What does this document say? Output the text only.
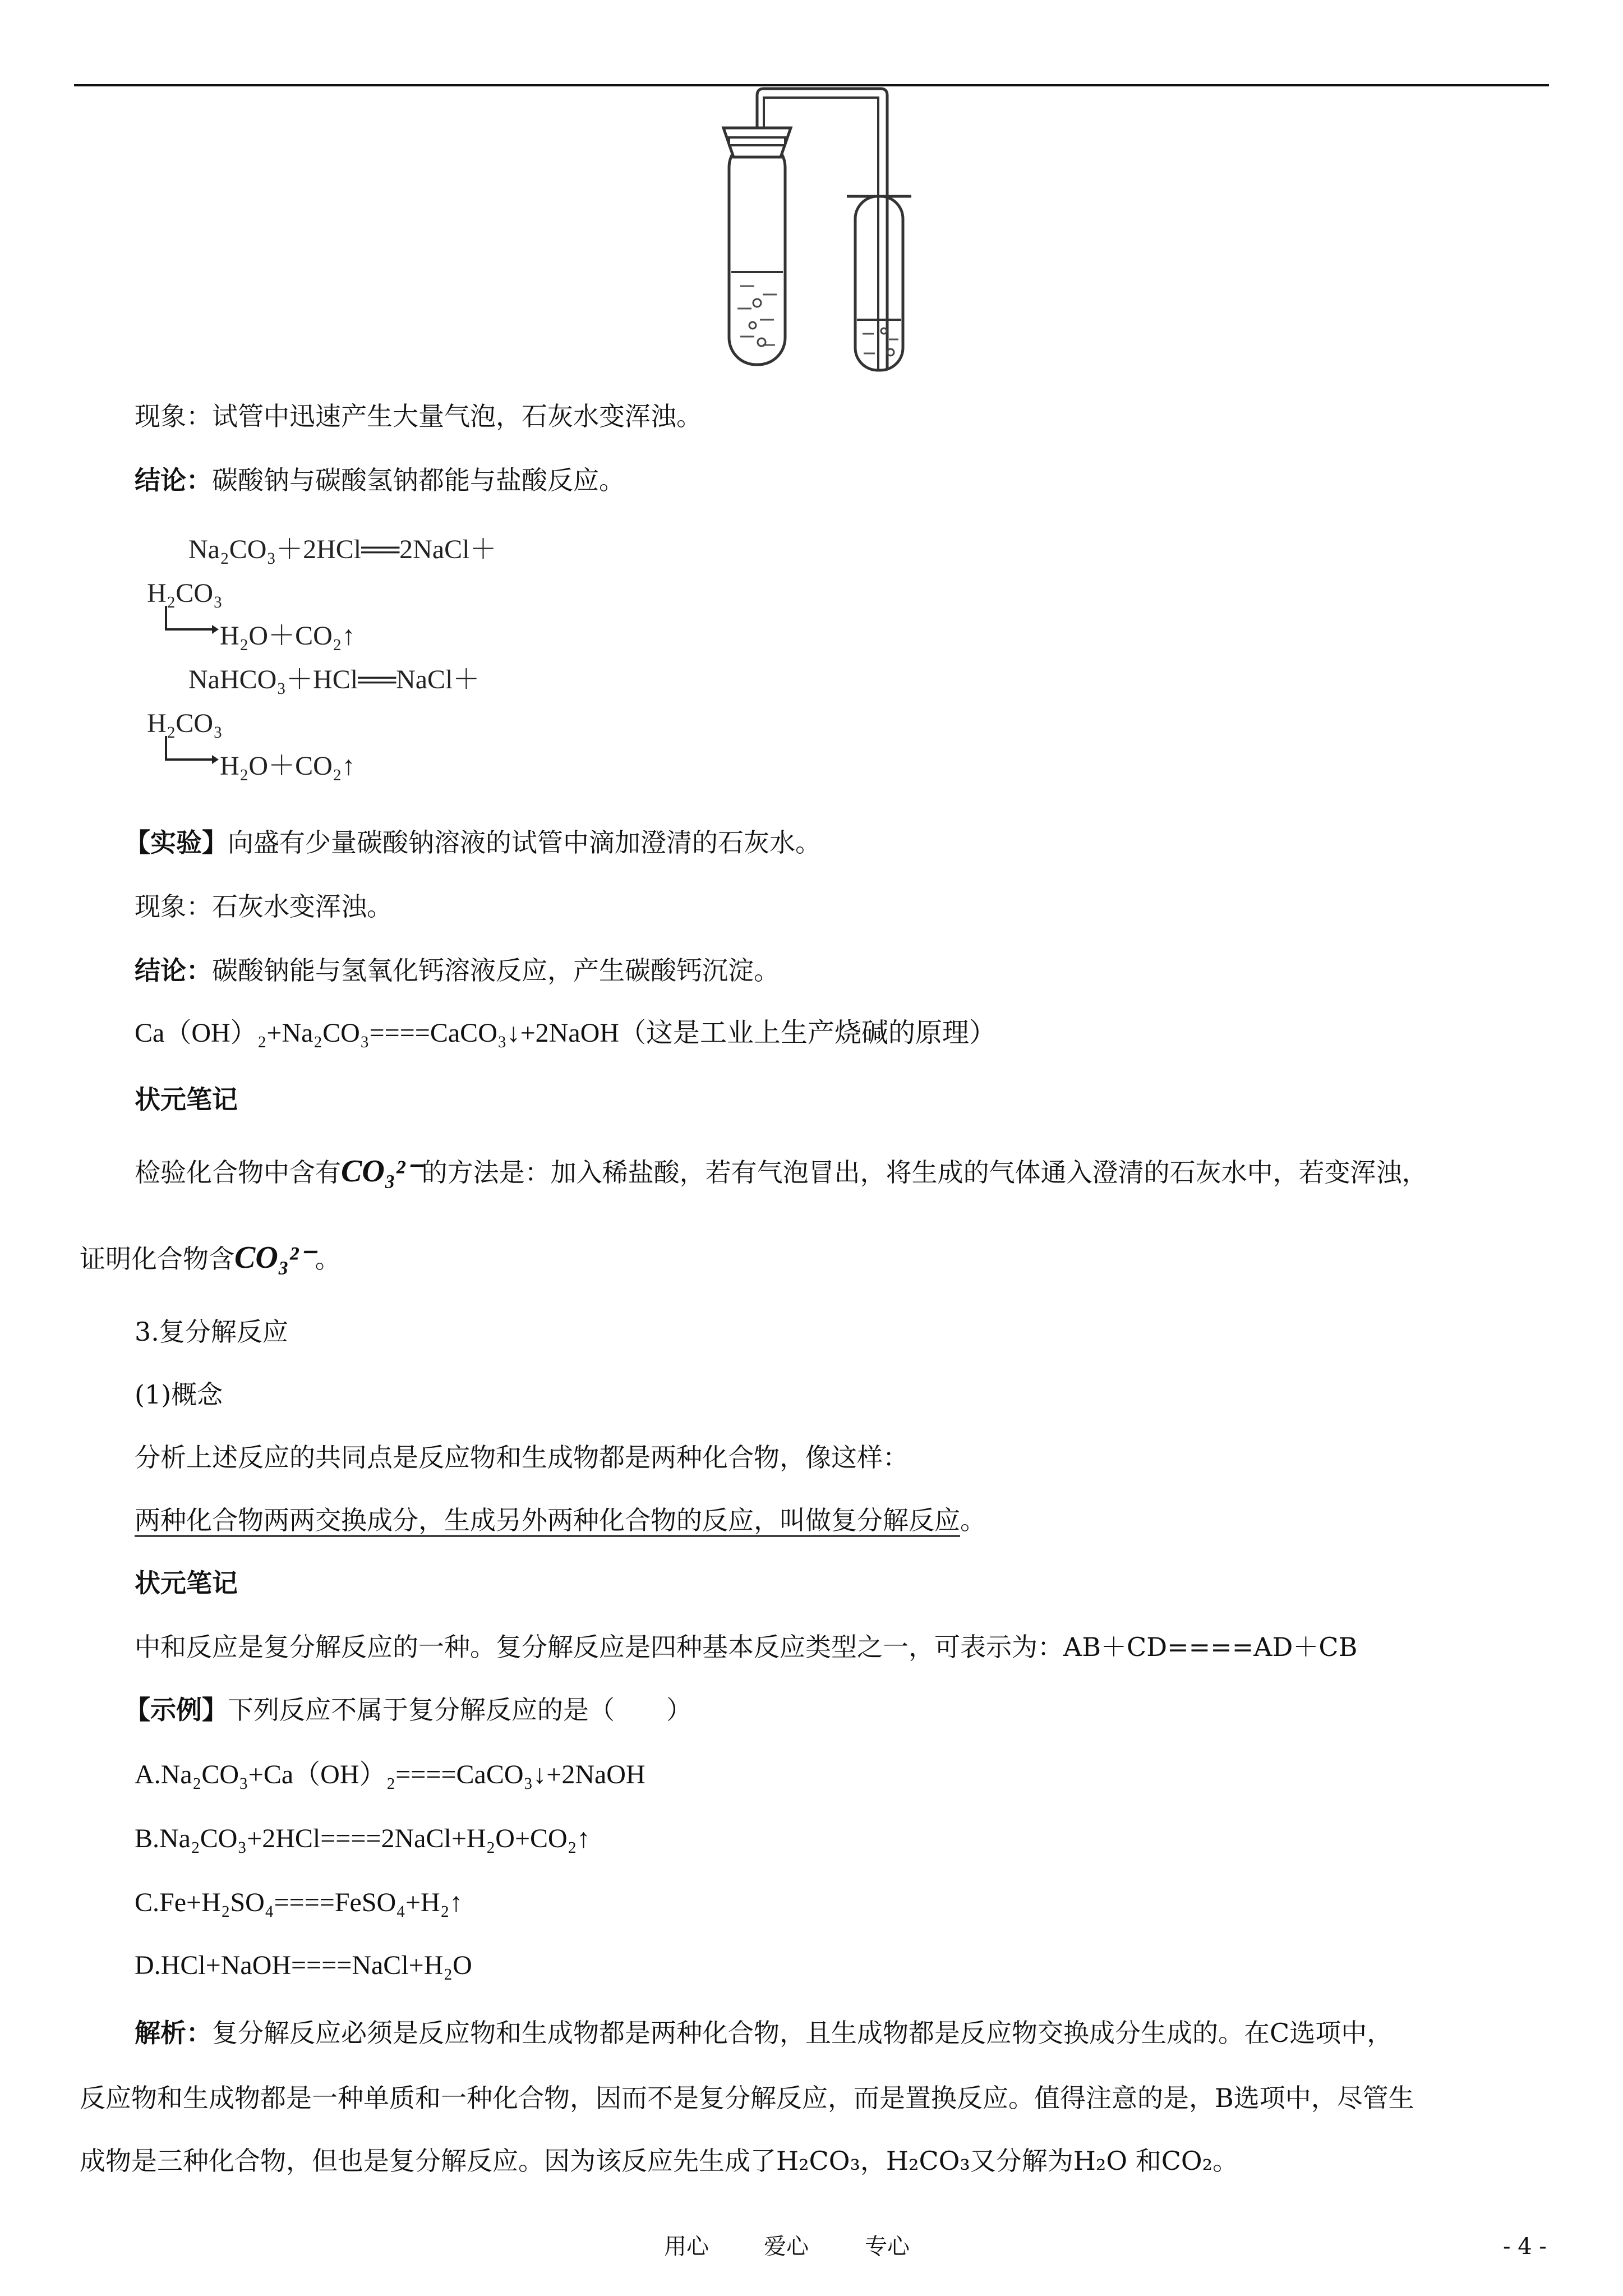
现象：试管中迅速产生大量气泡，石灰水变浑浊。
结论：碳酸钠与碳酸氢钠都能与盐酸反应。
Na₂CO₃＋2HCl══2NaCl＋
H₂CO₃
H₂O＋CO₂↑
NaHCO₃＋HCl══NaCl＋
H₂CO₃
H₂O＋CO₂↑
【实验】向盛有少量碳酸钠溶液的试管中滴加澄清的石灰水。
现象：石灰水变浑浊。
结论：碳酸钠能与氢氧化钙溶液反应，产生碳酸钙沉淀。
Ca（OH）₂+Na₂CO₃====CaCO₃↓+2NaOH（这是工业上生产烧碱的原理）
状元笔记
检验化合物中含有CO₃²⁻的方法是：加入稀盐酸，若有气泡冒出，将生成的气体通入澄清的石灰水中，若变浑浊，
证明化合物含CO₃²⁻。
3.复分解反应
(1)概念
分析上述反应的共同点是反应物和生成物都是两种化合物，像这样：
两种化合物两两交换成分，生成另外两种化合物的反应，叫做复分解反应。
状元笔记
中和反应是复分解反应的一种。复分解反应是四种基本反应类型之一，可表示为：AB＋CD====AD＋CB
【示例】下列反应不属于复分解反应的是（　　）
A.Na₂CO₃+Ca（OH）₂====CaCO₃↓+2NaOH
B.Na₂CO₃+2HCl====2NaCl+H₂O+CO₂↑
C.Fe+H₂SO₄====FeSO₄+H₂↑
D.HCl+NaOH====NaCl+H₂O
解析：复分解反应必须是反应物和生成物都是两种化合物，且生成物都是反应物交换成分生成的。在C选项中，
反应物和生成物都是一种单质和一种化合物，因而不是复分解反应，而是置换反应。值得注意的是，B选项中，尽管生
成物是三种化合物，但也是复分解反应。因为该反应先生成了H₂CO₃，H₂CO₃又分解为H₂O 和CO₂。
用心 爱心	专心	- 4 -
